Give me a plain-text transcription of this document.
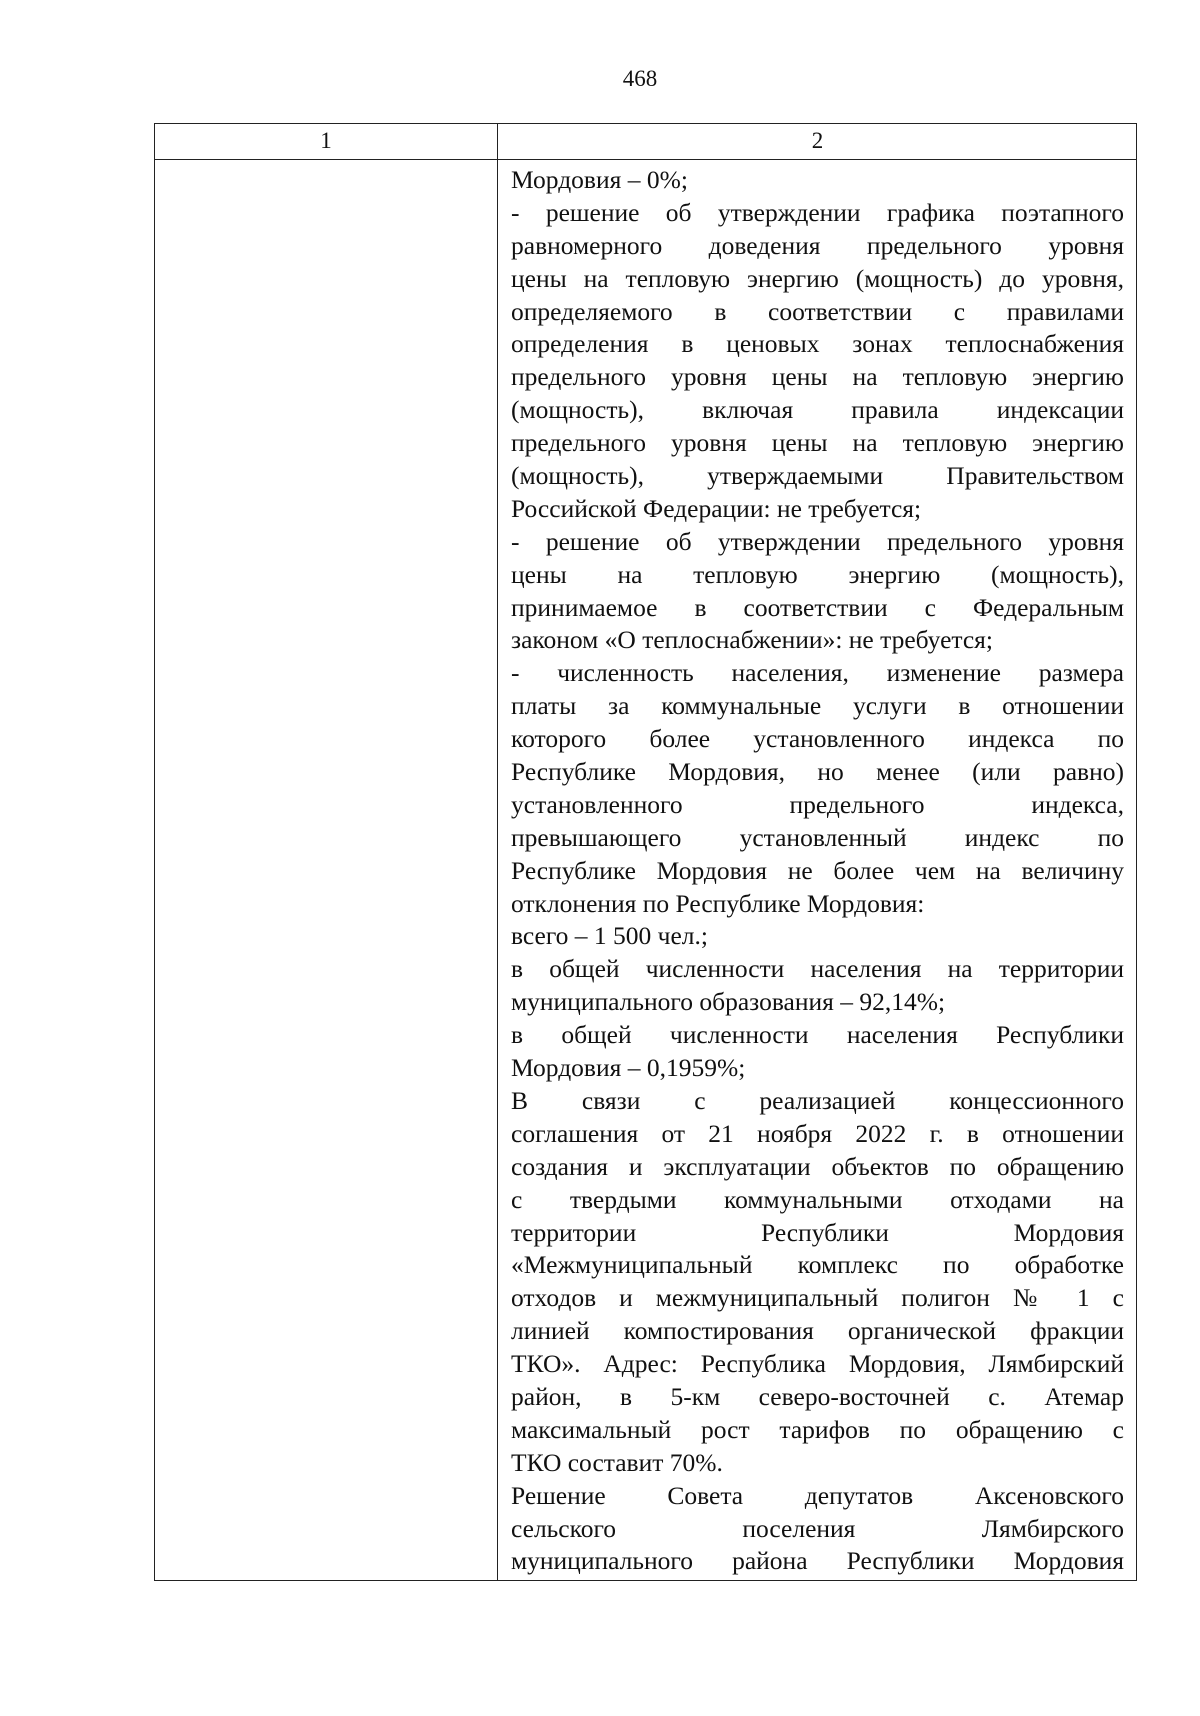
468
1	2
Мордовия – 0%;
- решение об утверждении графика поэтапного
равномерного доведения предельного уровня
цены на тепловую энергию (мощность) до уровня,
определяемого в соответствии с правилами
определения в ценовых зонах теплоснабжения
предельного уровня цены на тепловую энергию
(мощность), включая правила индексации
предельного уровня цены на тепловую энергию
(мощность), утверждаемыми Правительством
Российской Федерации: не требуется;
- решение об утверждении предельного уровня
цены на тепловую энергию (мощность),
принимаемое в соответствии с Федеральным
законом «О теплоснабжении»: не требуется;
- численность населения, изменение размера
платы за коммунальные услуги в отношении
которого более установленного индекса по
Республике Мордовия, но менее (или равно)
установленного предельного индекса,
превышающего установленный индекс по
Республике Мордовия не более чем на величину
отклонения по Республике Мордовия:
всего – 1 500 чел.;
в общей численности населения на территории
муниципального образования – 92,14%;
в общей численности населения Республики
Мордовия – 0,1959%;
В связи с реализацией концессионного
соглашения от 21 ноября 2022 г. в отношении
создания и эксплуатации объектов по обращению
с твердыми коммунальными отходами на
территории Республики Мордовия
«Межмуниципальный комплекс по обработке
отходов и межмуниципальный полигон № 1 с
линией компостирования органической фракции
ТКО». Адрес: Республика Мордовия, Лямбирский
район, в 5-км северо-восточней с. Атемар
максимальный рост тарифов по обращению с
ТКО составит 70%.
Решение Совета депутатов Аксеновского
сельского поселения Лямбирского
муниципального района Республики Мордовия
